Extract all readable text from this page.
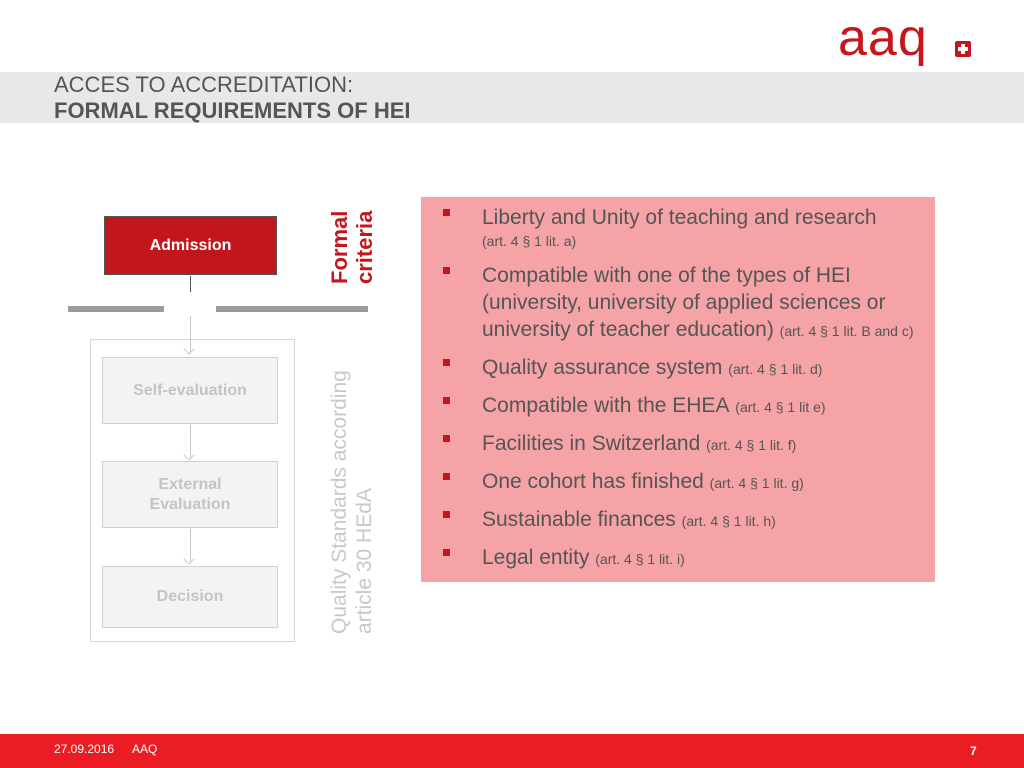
aaq
ACCES TO ACCREDITATION:
FORMAL REQUIREMENTS OF HEI
Admission
Self-evaluation
External Evaluation
Decision
Formal criteria
Quality Standards according article 30 HEdA
Liberty and Unity of teaching and research
(art. 4 § 1 lit. a)
Compatible with one of the types of HEI (university, university of applied sciences or university of teacher education) (art. 4 § 1 lit. B and c)
Quality assurance system (art. 4 § 1 lit. d)
Compatible with the EHEA (art. 4 § 1 lit e)
Facilities in Switzerland (art. 4 § 1 lit. f)
One cohort has finished (art. 4 § 1 lit. g)
Sustainable finances (art. 4 § 1 lit. h)
Legal entity (art. 4 § 1 lit. i)
27.09.2016 AAQ	7
